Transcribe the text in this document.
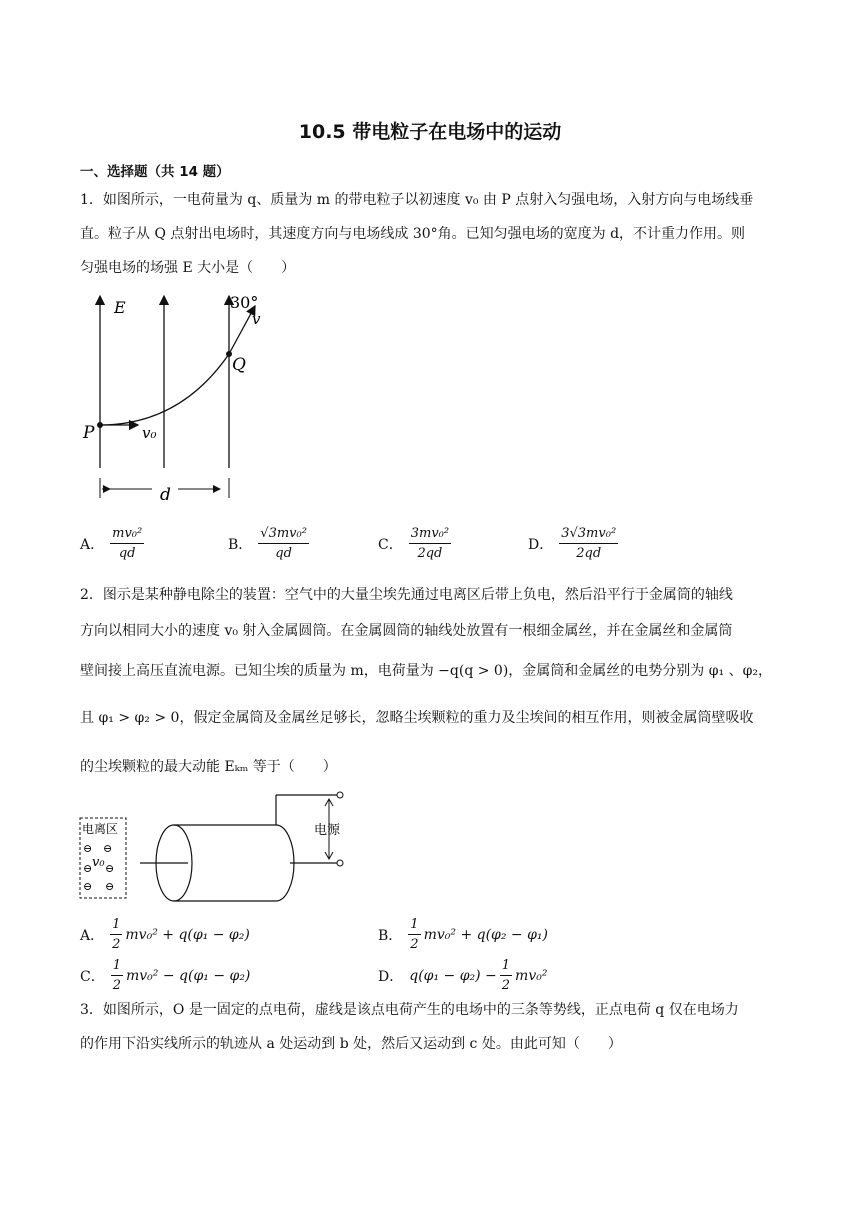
10.5 带电粒子在电场中的运动
一、选择题（共 14 题）
1．如图所示，一电荷量为 q、质量为 m 的带电粒子以初速度 v₀ 由 P 点射入匀强电场，入射方向与电场线垂
直。粒子从 Q 点射出电场时，其速度方向与电场线成 30°角。已知匀强电场的宽度为 d，不计重力作用。则
匀强电场的场强 E 大小是（　　）
E	30°
v
Q
P	v₀
d
A． $\frac{\text{mv₀²}}{qd}$	B． $\frac{\text{√3mv₀²}}{qd}$	C． $\frac{\text{3mv₀²}}{2qd}$	D． $\frac{\text{3√3mv₀²}}{2qd}$
2．图示是某种静电除尘的装置：空气中的大量尘埃先通过电离区后带上负电，然后沿平行于金属筒的轴线
方向以相同大小的速度 v₀ 射入金属圆筒。在金属圆筒的轴线处放置有一根细金属丝，并在金属丝和金属筒
壁间接上高压直流电源。已知尘埃的质量为 m，电荷量为 −q(q > 0)，金属筒和金属丝的电势分别为 φ₁ 、φ₂，
且 φ₁ > φ₂ > 0，假定金属筒及金属丝足够长，忽略尘埃颗粒的重力及尘埃间的相互作用，则被金属筒壁吸收
的尘埃颗粒的最大动能 Eₖₘ 等于（　　）
电离区
v₀
⊖ ⊖
⊖ ⊖
⊖ ⊖
电源
A． $\frac{1}{2} mv_0^2 + q(\varphi_1 - \varphi_2)$	B． $\frac{1}{2} mv_0^2 + q(\varphi_2 - \varphi_1)$
C． $\frac{1}{2} mv_0^2 - q(\varphi_1 - \varphi_2)$	D． $q(\varphi_1 - \varphi_2) - \frac{1}{2} mv_0^2$
3．如图所示，O 是一固定的点电荷，虚线是该点电荷产生的电场中的三条等势线，正点电荷 q 仅在电场力
的作用下沿实线所示的轨迹从 a 处运动到 b 处，然后又运动到 c 处。由此可知（　　）
